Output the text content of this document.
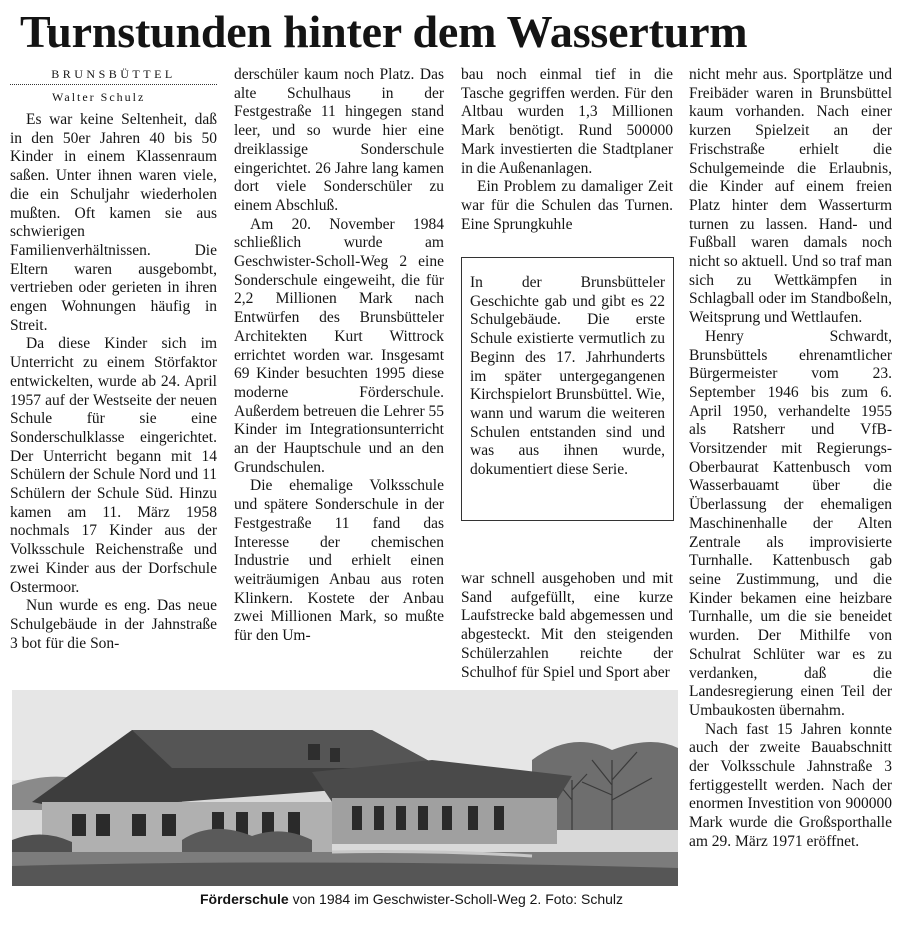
Turnstunden hinter dem Wasserturm
BRUNSBÜTTEL
Walter Schulz

Es war keine Seltenheit, daß in den 50er Jahren 40 bis 50 Kinder in einem Klassenraum saßen. Unter ihnen waren viele, die ein Schuljahr wiederholen mußten. Oft kamen sie aus schwierigen Familienverhältnissen. Die Eltern waren ausgebombt, vertrieben oder gerieten in ihren engen Wohnungen häufig in Streit.

Da diese Kinder sich im Unterricht zu einem Störfaktor entwickelten, wurde ab 24. April 1957 auf der Westseite der neuen Schule für sie eine Sonderschulklasse eingerichtet. Der Unterricht begann mit 14 Schülern der Schule Nord und 11 Schülern der Schule Süd. Hinzu kamen am 11. März 1958 nochmals 17 Kinder aus der Volksschule Reichenstraße und zwei Kinder aus der Dorfschule Ostermoor.

Nun wurde es eng. Das neue Schulgebäude in der Jahnstraße 3 bot für die Son-

derschüler kaum noch Platz. Das alte Schulhaus in der Festgestraße 11 hingegen stand leer, und so wurde hier eine dreiklassige Sonderschule eingerichtet. 26 Jahre lang kamen dort viele Sonderschüler zu einem Abschluß.

Am 20. November 1984 schließlich wurde am Geschwister-Scholl-Weg 2 eine Sonderschule eingeweiht, die für 2,2 Millionen Mark nach Entwürfen des Brunsbütteler Architekten Kurt Wittrock errichtet worden war. Insgesamt 69 Kinder besuchten 1995 diese moderne Förderschule. Außerdem betreuen die Lehrer 55 Kinder im Integrationsunterricht an der Hauptschule und an den Grundschulen.

Die ehemalige Volksschule und spätere Sonderschule in der Festgestraße 11 fand das Interesse der chemischen Industrie und erhielt einen weiträumigen Anbau aus roten Klinkern. Kostete der Anbau zwei Millionen Mark, so mußte für den Um-

bau noch einmal tief in die Tasche gegriffen werden. Für den Altbau wurden 1,3 Millionen Mark benötigt. Rund 500000 Mark investierten die Stadtplaner in die Außenanlagen.

Ein Problem zu damaliger Zeit war für die Schulen das Turnen. Eine Sprungkuhle

In der Brunsbütteler Geschichte gab und gibt es 22 Schulgebäude. Die erste Schule existierte vermutlich zu Beginn des 17. Jahrhunderts im später untergegangenen Kirchspielort Brunsbüttel. Wie, wann und warum die weiteren Schulen entstanden sind und was aus ihnen wurde, dokumentiert diese Serie.

war schnell ausgehoben und mit Sand aufgefüllt, eine kurze Laufstrecke bald abgemessen und abgesteckt. Mit den steigenden Schülerzahlen reichte der Schulhof für Spiel und Sport aber

nicht mehr aus. Sportplätze und Freibäder waren in Brunsbüttel kaum vorhanden. Nach einer kurzen Spielzeit an der Frischstraße erhielt die Schulgemeinde die Erlaubnis, die Kinder auf einem freien Platz hinter dem Wasserturm turnen zu lassen. Hand- und Fußball waren damals noch nicht so aktuell. Und so traf man sich zu Wettkämpfen in Schlagball oder im Standboßeln, Weitsprung und Wettlaufen.

Henry Schwardt, Brunsbüttels ehrenamtlicher Bürgermeister vom 23. September 1946 bis zum 6. April 1950, verhandelte 1955 als Ratsherr und VfB-Vorsitzender mit Regierungs-Oberbaurat Kattenbusch vom Wasserbauamt über die Überlassung der ehemaligen Maschinenhalle der Alten Zentrale als improvisierte Turnhalle. Kattenbusch gab seine Zustimmung, und die Kinder bekamen eine heizbare Turnhalle, um die sie beneidet wurden. Der Mithilfe von Schulrat Schlüter war es zu verdanken, daß die Landesregierung einen Teil der Umbaukosten übernahm.

Nach fast 15 Jahren konnte auch der zweite Bauabschnitt der Volksschule Jahnstraße 3 fertiggestellt werden. Nach der enormen Investition von 900000 Mark wurde die Großsporthalle am 29. März 1971 eröffnet.

Förderschule von 1984 im Geschwister-Scholl-Weg 2. Foto: Schulz
